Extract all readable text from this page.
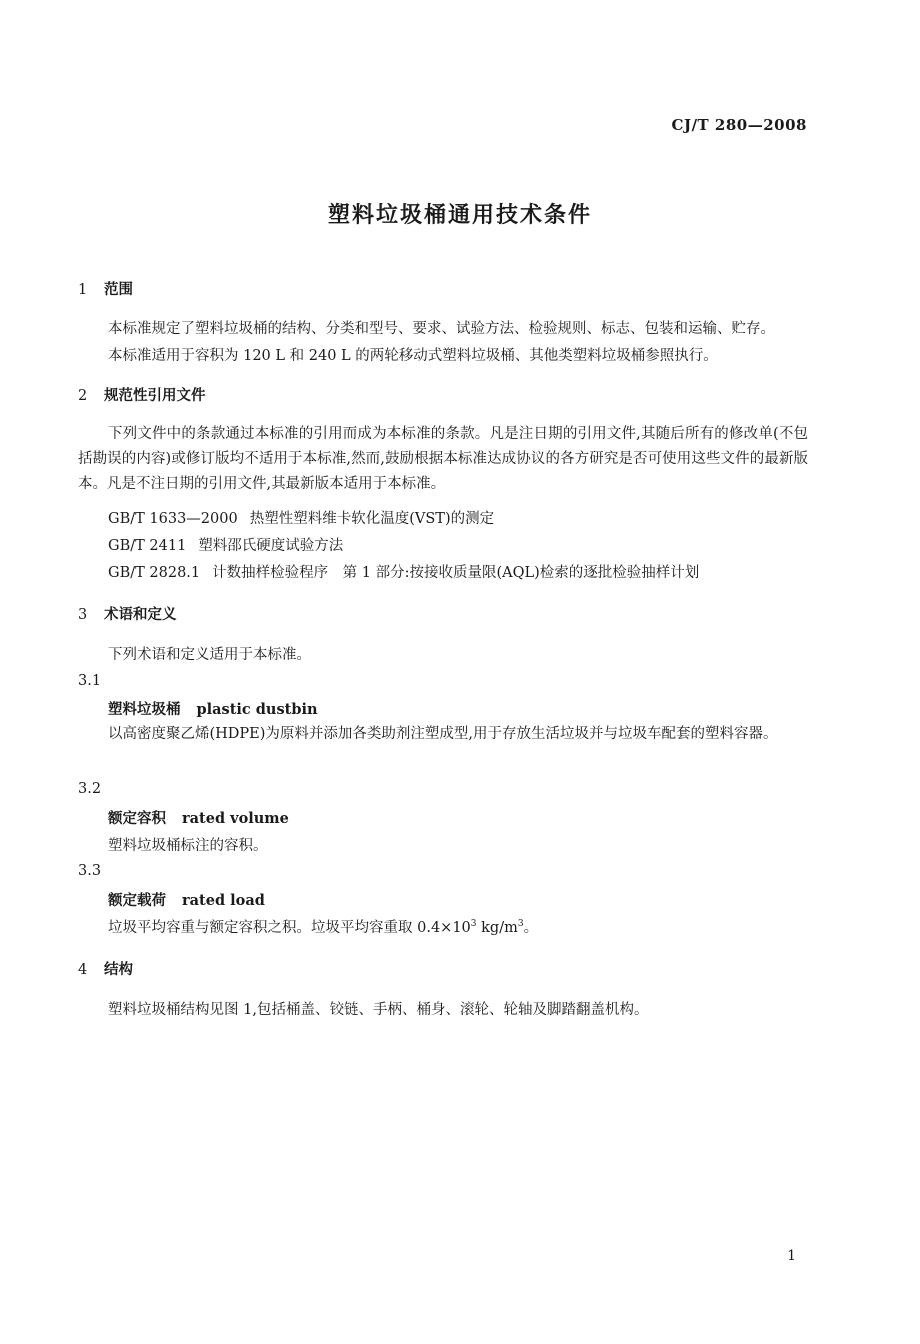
CJ/T 280—2008
塑料垃圾桶通用技术条件
1 范围
本标准规定了塑料垃圾桶的结构、分类和型号、要求、试验方法、检验规则、标志、包装和运输、贮存。
本标准适用于容积为 120 L 和 240 L 的两轮移动式塑料垃圾桶、其他类塑料垃圾桶参照执行。
2 规范性引用文件
下列文件中的条款通过本标准的引用而成为本标准的条款。凡是注日期的引用文件,其随后所有的修改单(不包括勘误的内容)或修订版均不适用于本标准,然而,鼓励根据本标准达成协议的各方研究是否可使用这些文件的最新版本。凡是不注日期的引用文件,其最新版本适用于本标准。
GB/T 1633—2000 热塑性塑料维卡软化温度(VST)的测定
GB/T 2411 塑料邵氏硬度试验方法
GB/T 2828.1 计数抽样检验程序　第 1 部分:按接收质量限(AQL)检索的逐批检验抽样计划
3 术语和定义
下列术语和定义适用于本标准。
3.1
塑料垃圾桶 plastic dustbin
以高密度聚乙烯(HDPE)为原料并添加各类助剂注塑成型,用于存放生活垃圾并与垃圾车配套的塑料容器。
3.2
额定容积 rated volume
塑料垃圾桶标注的容积。
3.3
额定载荷 rated load
垃圾平均容重与额定容积之积。垃圾平均容重取 $0.4\times 10^3$ $kg/m^3$。
4 结构
塑料垃圾桶结构见图 1,包括桶盖、铰链、手柄、桶身、滚轮、轮轴及脚踏翻盖机构。
1
